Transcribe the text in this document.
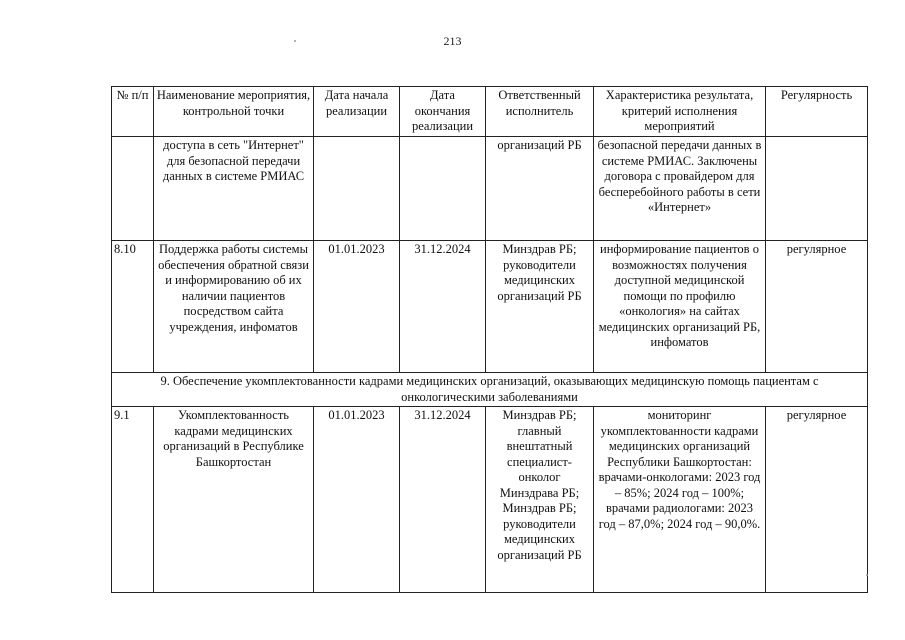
213
№ п/п	Наименование мероприятия, контрольной точки	Дата начала реализации	Дата окончания реализации	Ответственный исполнитель	Характеристика результата, критерий исполнения мероприятий	Регулярность
	доступа в сеть "Интернет" для безопасной передачи данных в системе РМИАС			организаций РБ	безопасной передачи данных в системе РМИАС. Заключены договора с провайдером для бесперебойного работы в сети «Интернет»	
8.10	Поддержка работы системы обеспечения обратной связи и информированию об их наличии пациентов посредством сайта учреждения, инфоматов	01.01.2023	31.12.2024	Минздрав РБ; руководители медицинских организаций РБ	информирование пациентов о возможностях получения доступной медицинской помощи по профилю «онкология» на сайтах медицинских организаций РБ, инфоматов	регулярное
9. Обеспечение укомплектованности кадрами медицинских организаций, оказывающих медицинскую помощь пациентам с онкологическими заболеваниями						
9.1	Укомплектованность кадрами медицинских организаций в Республике Башкортостан	01.01.2023	31.12.2024	Минздрав РБ; главный внештатный специалист-онколог Минздрава РБ; Минздрав РБ; руководители медицинских организаций РБ	мониторинг укомплектованности кадрами медицинских организаций Республики Башкортостан: врачами-онкологами: 2023 год – 85%; 2024 год – 100%; врачами радиологами: 2023 год – 87,0%; 2024 год – 90,0%.	регулярное
